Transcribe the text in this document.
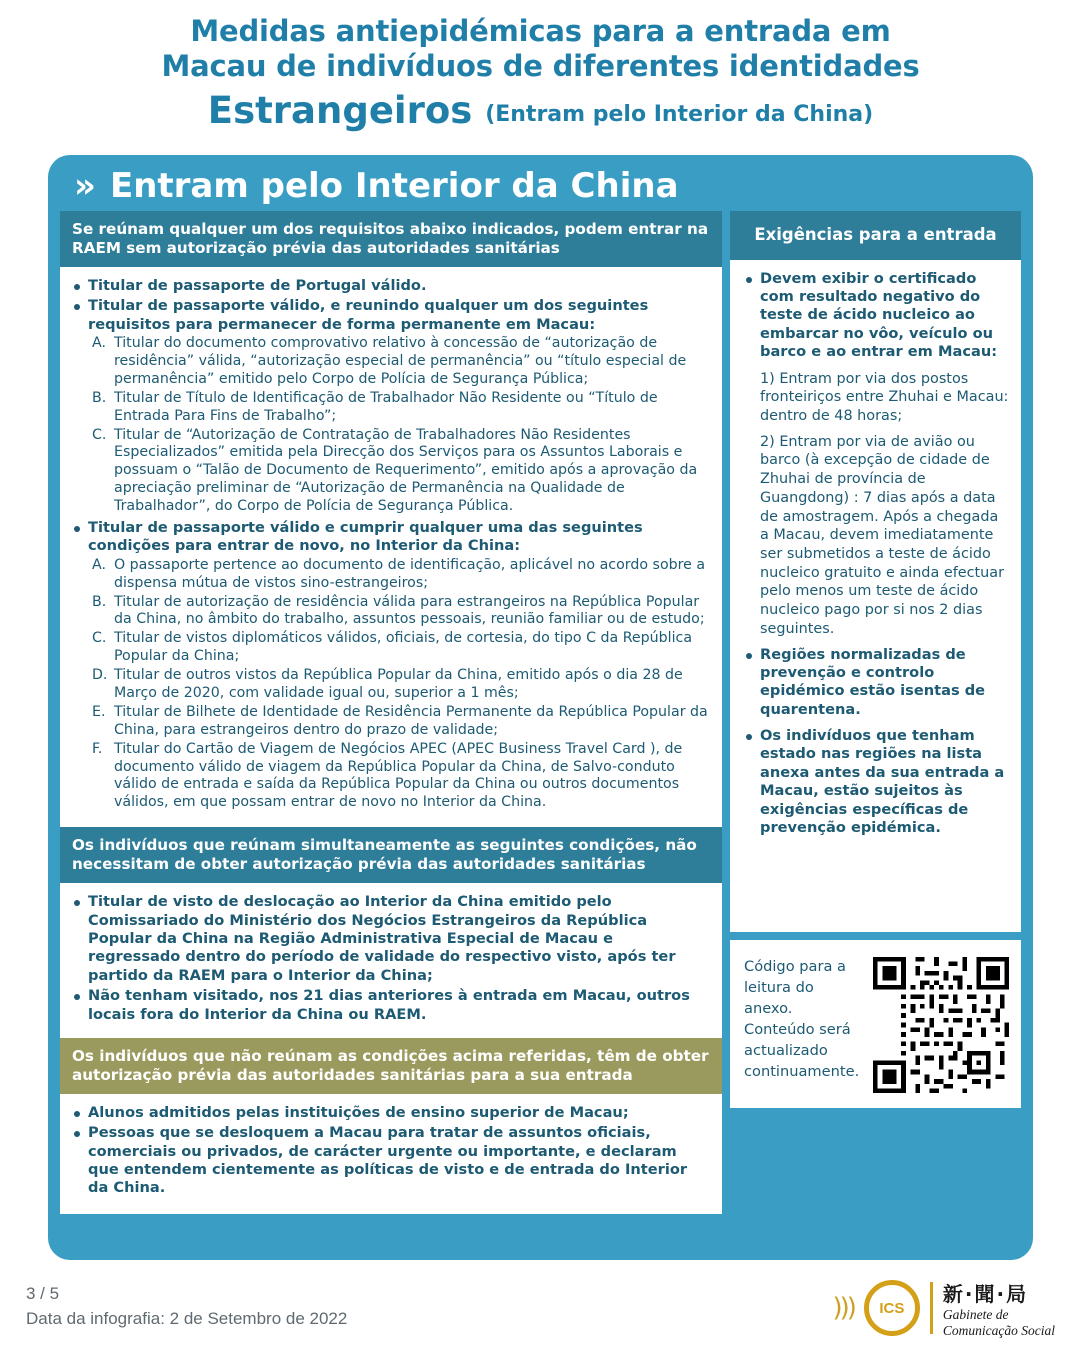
Medidas antiepidémicas para a entrada em
Macau de indivíduos de diferentes identidades
Estrangeiros (Entram pelo Interior da China)
» Entram pelo Interior da China
Se reúnam qualquer um dos requisitos abaixo indicados, podem entrar na RAEM sem autorização prévia das autoridades sanitárias
Titular de passaporte de Portugal válido.
Titular de passaporte válido, e reunindo qualquer um dos seguintes requisitos para permanecer de forma permanente em Macau:
A. Titular do documento comprovativo relativo à concessão de “autorização de residência” válida, “autorização especial de permanência” ou “título especial de permanência” emitido pelo Corpo de Polícia de Segurança Pública;
B. Titular de Título de Identificação de Trabalhador Não Residente ou “Título de Entrada Para Fins de Trabalho”;
C. Titular de “Autorização de Contratação de Trabalhadores Não Residentes Especializados” emitida pela Direcção dos Serviços para os Assuntos Laborais e possuam o “Talão de Documento de Requerimento”, emitido após a aprovação da apreciação preliminar de “Autorização de Permanência na Qualidade de Trabalhador”, do Corpo de Polícia de Segurança Pública.
Titular de passaporte válido e cumprir qualquer uma das seguintes condições para entrar de novo, no Interior da China:
A. O passaporte pertence ao documento de identificação, aplicável no acordo sobre a dispensa mútua de vistos sino-estrangeiros;
B. Titular de autorização de residência válida para estrangeiros na República Popular da China, no âmbito do trabalho, assuntos pessoais, reunião familiar ou de estudo;
C. Titular de vistos diplomáticos válidos, oficiais, de cortesia, do tipo C da República Popular da China;
D. Titular de outros vistos da República Popular da China, emitido após o dia 28 de Março de 2020, com validade igual ou, superior a 1 mês;
E. Titular de Bilhete de Identidade de Residência Permanente da República Popular da China, para estrangeiros dentro do prazo de validade;
F. Titular do Cartão de Viagem de Negócios APEC (APEC Business Travel Card ), de documento válido de viagem da República Popular da China, de Salvo-conduto válido de entrada e saída da República Popular da China ou outros documentos válidos, em que possam entrar de novo no Interior da China.
Os indivíduos que reúnam simultaneamente as seguintes condições, não necessitam de obter autorização prévia das autoridades sanitárias
Titular de visto de deslocação ao Interior da China emitido pelo Comissariado do Ministério dos Negócios Estrangeiros da República Popular da China na Região Administrativa Especial de Macau e regressado dentro do período de validade do respectivo visto, após ter partido da RAEM para o Interior da China;
Não tenham visitado, nos 21 dias anteriores à entrada em Macau, outros locais fora do Interior da China ou RAEM.
Os indivíduos que não reúnam as condições acima referidas, têm de obter autorização prévia das autoridades sanitárias para a sua entrada
Alunos admitidos pelas instituições de ensino superior de Macau;
Pessoas que se desloquem a Macau para tratar de assuntos oficiais, comerciais ou privados, de carácter urgente ou importante, e declaram que entendem cientemente as políticas de visto e de entrada do Interior da China.
Exigências para a entrada
Devem exibir o certificado com resultado negativo do teste de ácido nucleico ao embarcar no vôo, veículo ou barco e ao entrar em Macau:

1) Entram por via dos postos fronteiriços entre Zhuhai e Macau: dentro de 48 horas;

2) Entram por via de avião ou barco (à excepção de cidade de Zhuhai de província de Guangdong) : 7 dias após a data de amostragem. Após a chegada a Macau, devem imediatamente ser submetidos a teste de ácido nucleico gratuito e ainda efectuar pelo menos um teste de ácido nucleico pago por si nos 2 dias seguintes.

Regiões normalizadas de prevenção e controlo epidémico estão isentas de quarentena.
Os indivíduos que tenham estado nas regiões na lista anexa antes da sua entrada a Macau, estão sujeitos às exigências específicas de prevenção epidémica.
Código para a leitura do anexo. Conteúdo será actualizado continuamente.
3 / 5
Data da infografia: 2 de Setembro de 2022	)))	ICS
新·聞·局
Gabinete de
Comunicação Social
